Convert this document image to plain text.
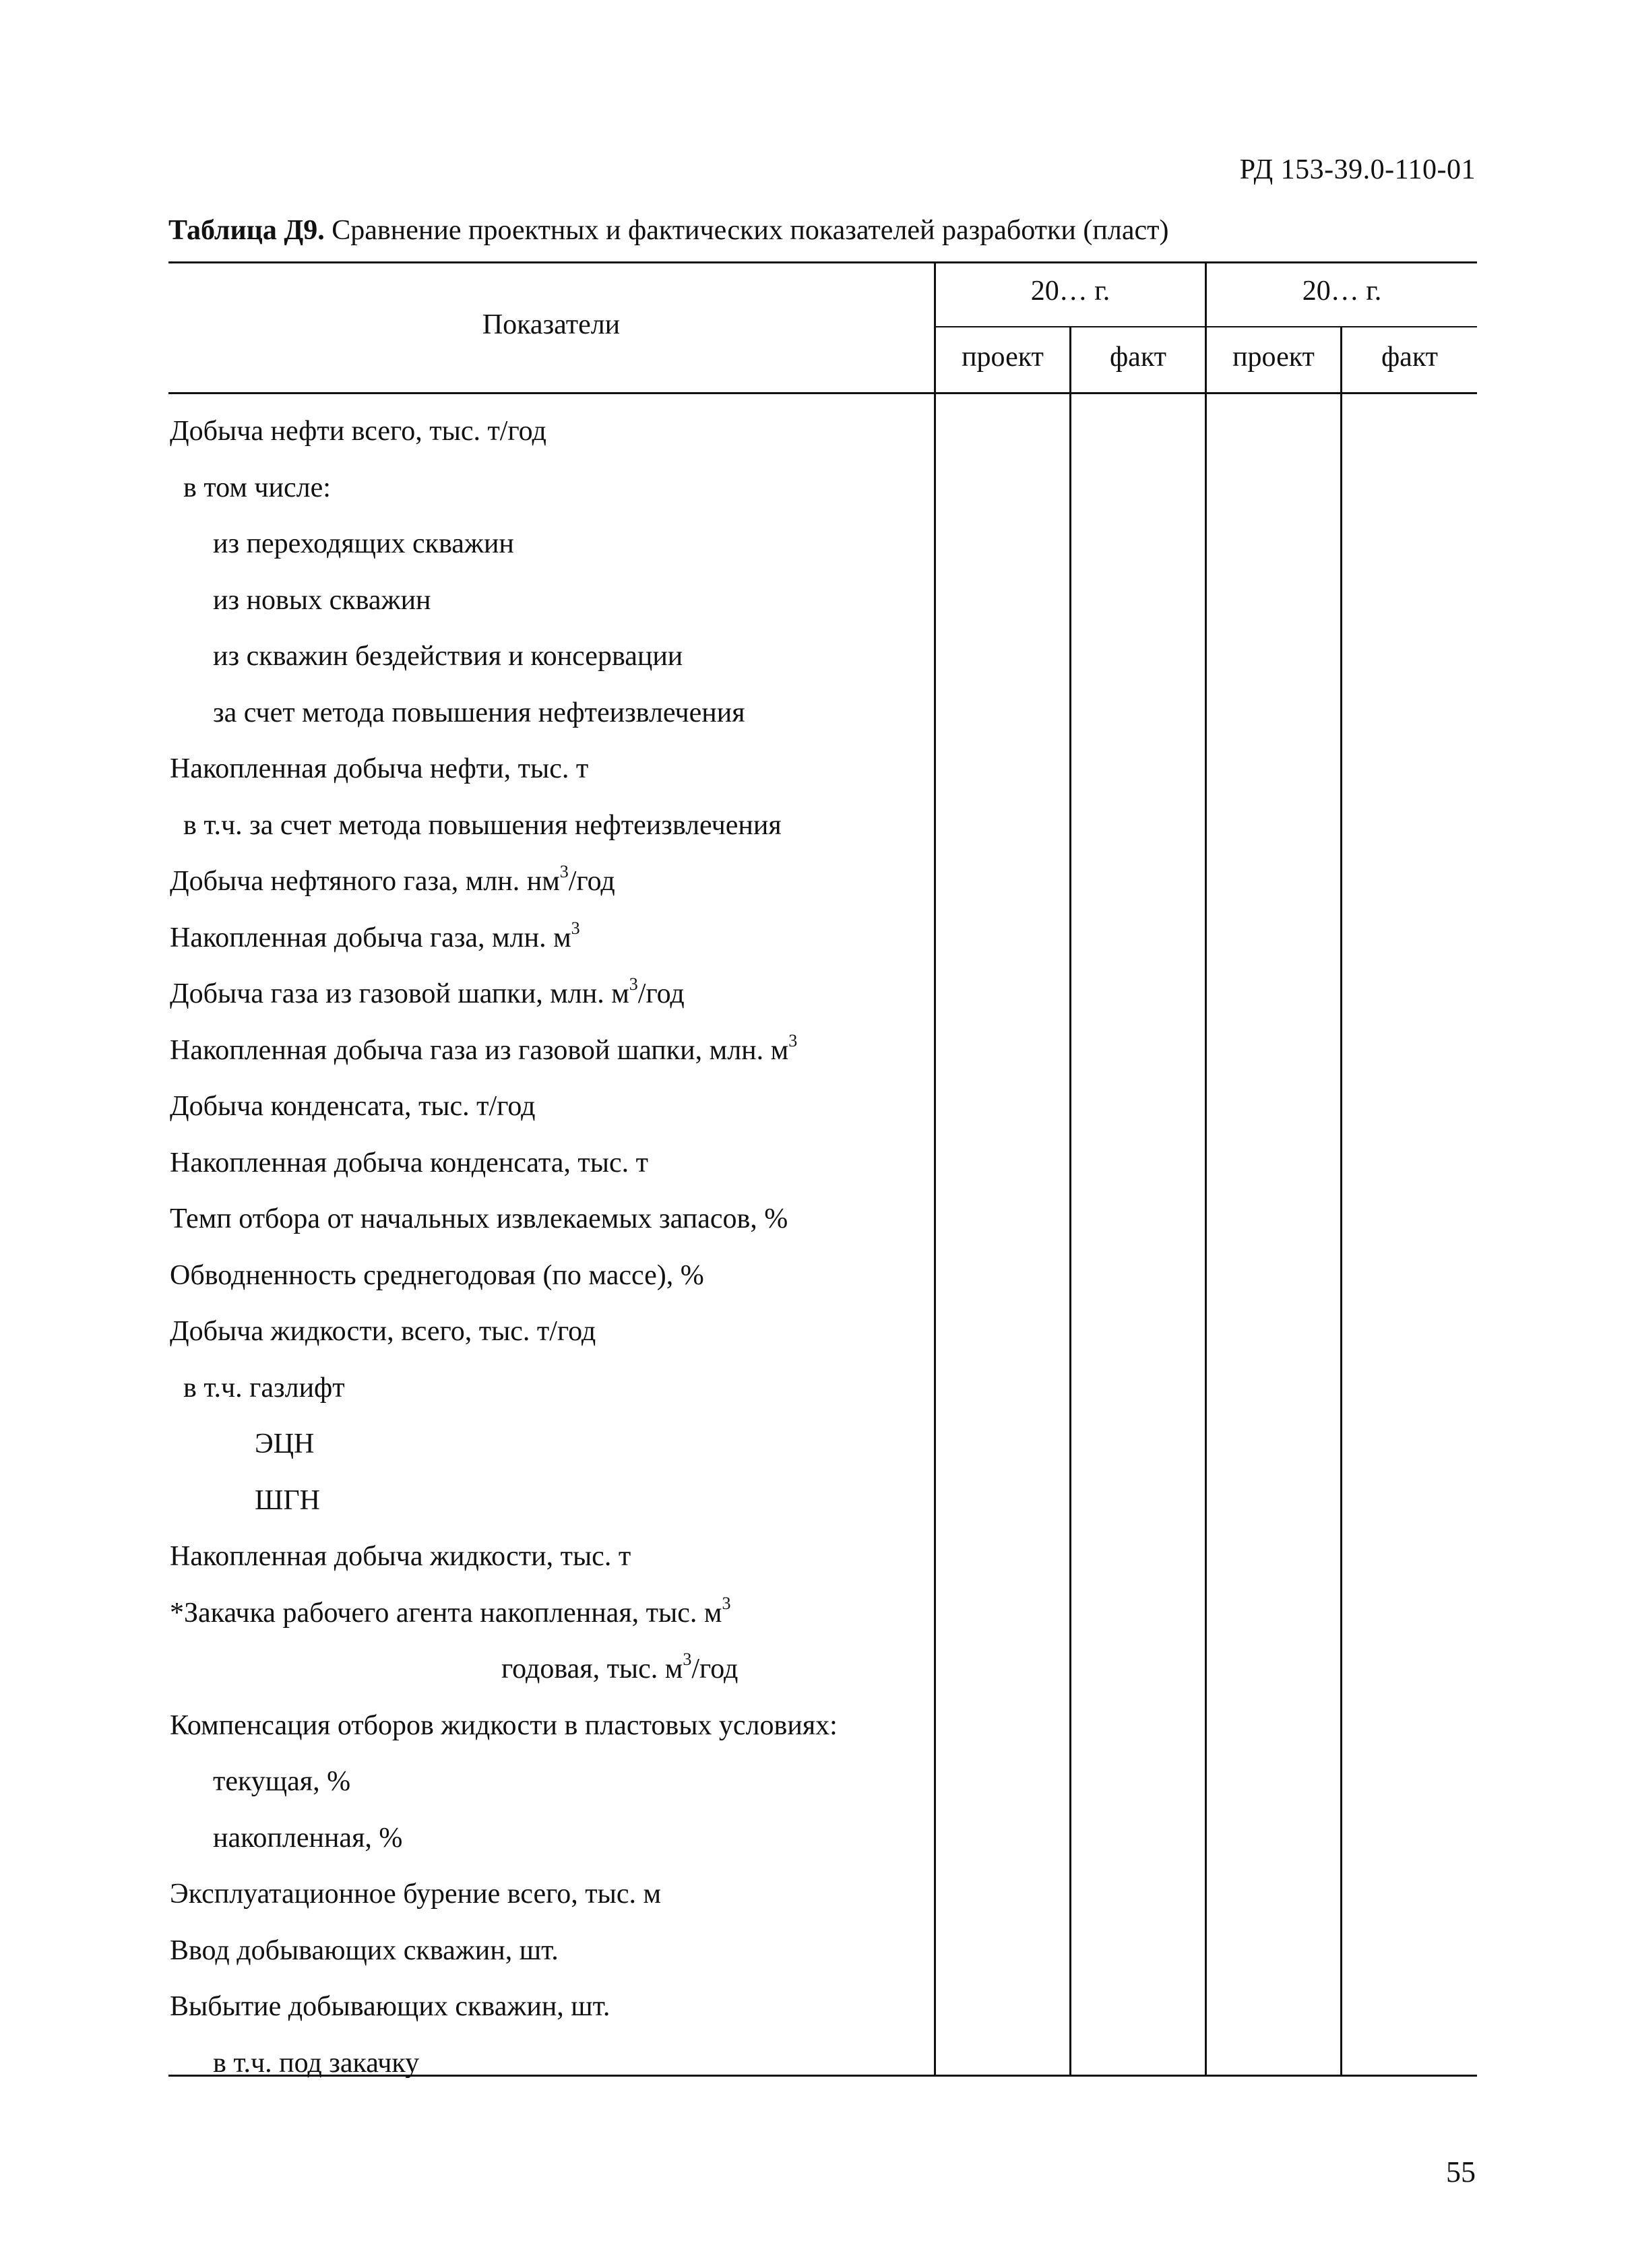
РД 153-39.0-110-01
Таблица Д9. Сравнение проектных и фактических показателей разработки (пласт)
Показатели
20… г.	20… г.
проект	факт	проект	факт
Добыча нефти всего, тыс. т/год
в том числе:
из переходящих скважин
из новых скважин
из скважин бездействия и консервации
за счет метода повышения нефтеизвлечения
Накопленная добыча нефти, тыс. т
в т.ч. за счет метода повышения нефтеизвлечения
Добыча нефтяного газа, млн. $нм^3$/год
Накопленная добыча газа, млн. $м^3$
Добыча газа из газовой шапки, млн. $м^3$/год
Накопленная добыча газа из газовой шапки, млн. $м^3$
Добыча конденсата, тыс. т/год
Накопленная добыча конденсата, тыс. т
Темп отбора от начальных извлекаемых запасов, %
Обводненность среднегодовая (по массе), %
Добыча жидкости, всего, тыс. т/год
в т.ч. газлифт
ЭЦН
ШГН
Накопленная добыча жидкости, тыс. т
*Закачка рабочего агента накопленная, тыс. $м^3$
годовая, тыс. $м^3$/год
Компенсация отборов жидкости в пластовых условиях:
текущая, %
накопленная, %
Эксплуатационное бурение всего, тыс. м
Ввод добывающих скважин, шт.
Выбытие добывающих скважин, шт.
в т.ч. под закачку
55
